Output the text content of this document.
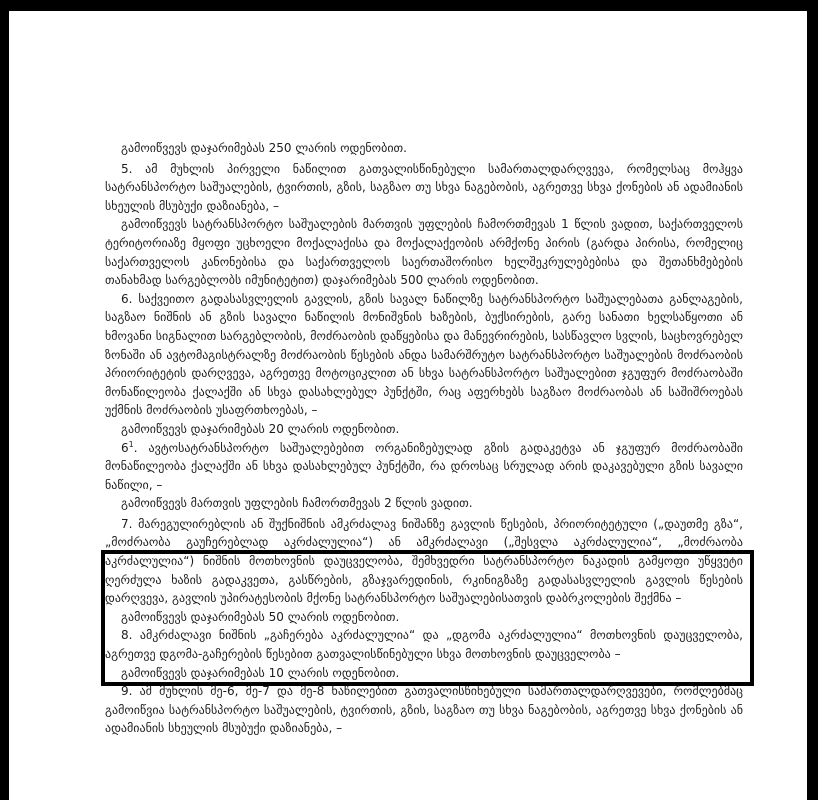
გამოიწვევს დაჯარიმებას 250 ლარის ოდენობით.

5. ამ მუხლის პირველი ნაწილით გათვალისწინებული სამართალდარღვევა, რომელსაც მოჰყვა სატრანსპორტო საშუალების, ტვირთის, გზის, საგზაო თუ სხვა ნაგებობის, აგრეთვე სხვა ქონების ან ადამიანის სხეულის მსუბუქი დაზიანება, –

გამოიწვევს სატრანსპორტო საშუალების მართვის უფლების ჩამორთმევას 1 წლის ვადით, საქართველოს ტერიტორიაზე მყოფი უცხოელი მოქალაქისა და მოქალაქეობის არმქონე პირის (გარდა პირისა, რომელიც საქართველოს კანონებისა და საქართველოს საერთაშორისო ხელშეკრულებებისა და შეთანხმებების თანახმად სარგებლობს იმუნიტეტით) დაჯარიმებას 500 ლარის ოდენობით.

6. საქვეითო გადასასვლელის გავლის, გზის სავალ ნაწილზე სატრანსპორტო საშუალებათა განლაგების, საგზაო ნიშნის ან გზის სავალი ნაწილის მონიშვნის ხაზების, ბუქსირების, გარე სანათი ხელსაწყოთი ან ხმოვანი სიგნალით სარგებლობის, მოძრაობის დაწყებისა და მანევრირების, სასწავლო სვლის, საცხოვრებელ ზონაში ან ავტომაგისტრალზე მოძრაობის წესების ანდა სამარშრუტო სატრანსპორტო საშუალების მოძრაობის პრიორიტეტის დარღვევა, აგრეთვე მოტოციკლით ან სხვა სატრანსპორტო საშუალებით ჯგუფურ მოძრაობაში მონაწილეობა ქალაქში ან სხვა დასახლებულ პუნქტში, რაც აფერხებს საგზაო მოძრაობას ან საშიშროებას უქმნის მოძრაობის უსაფრთხოებას, –

გამოიწვევს დაჯარიმებას 20 ლარის ოდენობით.

$6^1$. ავტოსატრანსპორტო საშუალებებით ორგანიზებულად გზის გადაკეტვა ან ჯგუფურ მოძრაობაში მონაწილეობა ქალაქში ან სხვა დასახლებულ პუნქტში, რა დროსაც სრულად არის დაკავებული გზის სავალი ნაწილი, –

გამოიწვევს მართვის უფლების ჩამორთმევას 2 წლის ვადით.

7. მარეგულირებლის ან შუქნიშნის ამკრძალავ ნიშანზე გავლის წესების, პრიორიტეტული („დაუთმე გზა“, „მოძრაობა გაუჩერებლად აკრძალულია“) ან ამკრძალავი („შესვლა აკრძალულია“, „მოძრაობა აკრძალულია“) ნიშნის მოთხოვნის დაუცველობა, შემხვედრი სატრანსპორტო ნაკადის გამყოფი უწყვეტი ღერძულა ხაზის გადაკვეთა, გასწრების, გზაჯვარედინის, რკინიგზაზე გადასასვლელის გავლის წესების დარღვევა, გავლის უპირატესობის მქონე სატრანსპორტო საშუალებისათვის დაბრკოლების შექმნა –

გამოიწვევს დაჯარიმებას 50 ლარის ოდენობით.

8. ამკრძალავი ნიშნის „გაჩერება აკრძალულია“ და „დგომა აკრძალულია“ მოთხოვნის დაუცველობა, აგრეთვე დგომა-გაჩერების წესებით გათვალისწინებული სხვა მოთხოვნის დაუცველობა –

გამოიწვევს დაჯარიმებას 10 ლარის ოდენობით.

9. ამ მუხლის მე-6, მე-7 და მე-8 ნაწილებით გათვალისწინებული სამართალდარღვევები, რომლებმაც გამოიწვია სატრანსპორტო საშუალების, ტვირთის, გზის, საგზაო თუ სხვა ნაგებობის, აგრეთვე სხვა ქონების ან ადამიანის სხეულის მსუბუქი დაზიანება, –
